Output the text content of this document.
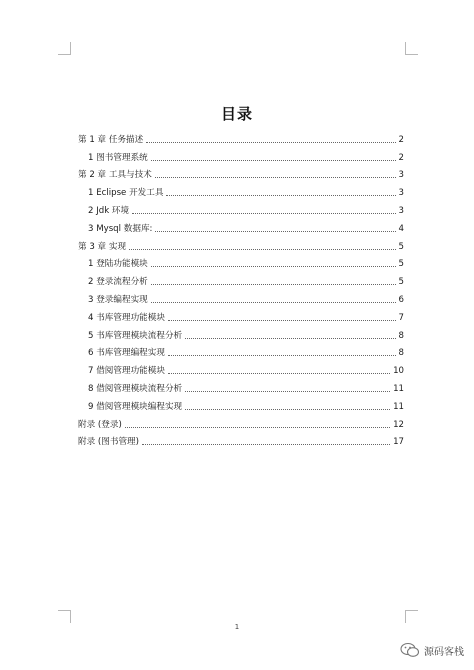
目录
第 1 章 任务描述	2
1 图书管理系统	2
第 2 章 工具与技术	3
1 Eclipse 开发工具	3
2 Jdk 环境	3
3 Mysql 数据库:	4
第 3 章 实现	5
1 登陆功能模块	5
2 登录流程分析	5
3 登录编程实现	6
4 书库管理功能模块	7
5 书库管理模块流程分析	8
6 书库管理编程实现	8
7 借阅管理功能模块	10
8 借阅管理模块流程分析	11
9 借阅管理模块编程实现	11
附录 (登录)	12
附录 (图书管理)	17
1
源码客栈
